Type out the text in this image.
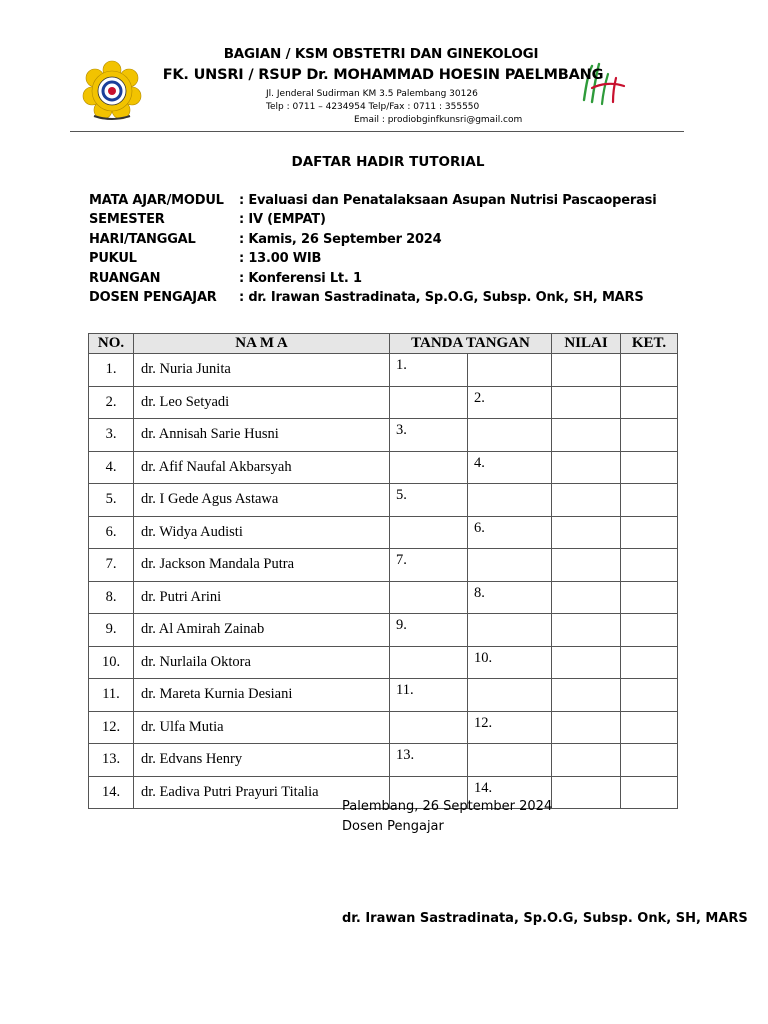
BAGIAN / KSM OBSTETRI DAN GINEKOLOGI
FK. UNSRI / RSUP Dr. MOHAMMAD HOESIN PAELMBANG
Jl. Jenderal Sudirman KM 3.5 Palembang 30126
Telp : 0711 – 4234954 Telp/Fax : 0711 : 355550
Email : prodiobginfkunsri@gmail.com
DAFTAR HADIR TUTORIAL
MATA AJAR/MODUL	: Evaluasi dan Penatalaksaan Asupan Nutrisi Pascaoperasi
SEMESTER	: IV (EMPAT)
HARI/TANGGAL	: Kamis, 26 September 2024
PUKUL	: 13.00 WIB
RUANGAN	: Konferensi Lt. 1
DOSEN PENGAJAR	: dr. Irawan Sastradinata, Sp.O.G, Subsp. Onk, SH, MARS
NO.	NA M A	TANDA TANGAN		NILAI	KET.
1.	dr. Nuria Junita	1.			
2.	dr. Leo Setyadi		2.		
3.	dr. Annisah Sarie Husni	3.			
4.	dr. Afif Naufal Akbarsyah		4.		
5.	dr. I Gede Agus Astawa	5.			
6.	dr. Widya Audisti		6.		
7.	dr. Jackson Mandala Putra	7.			
8.	dr. Putri Arini		8.		
9.	dr. Al Amirah Zainab	9.			
10.	dr. Nurlaila Oktora		10.		
11.	dr. Mareta Kurnia Desiani	11.			
12.	dr. Ulfa Mutia		12.		
13.	dr. Edvans Henry	13.			
14.	dr. Eadiva Putri Prayuri Titalia		14.		
Palembang, 26 September 2024
Dosen Pengajar
dr. Irawan Sastradinata, Sp.O.G, Subsp. Onk, SH, MARS
